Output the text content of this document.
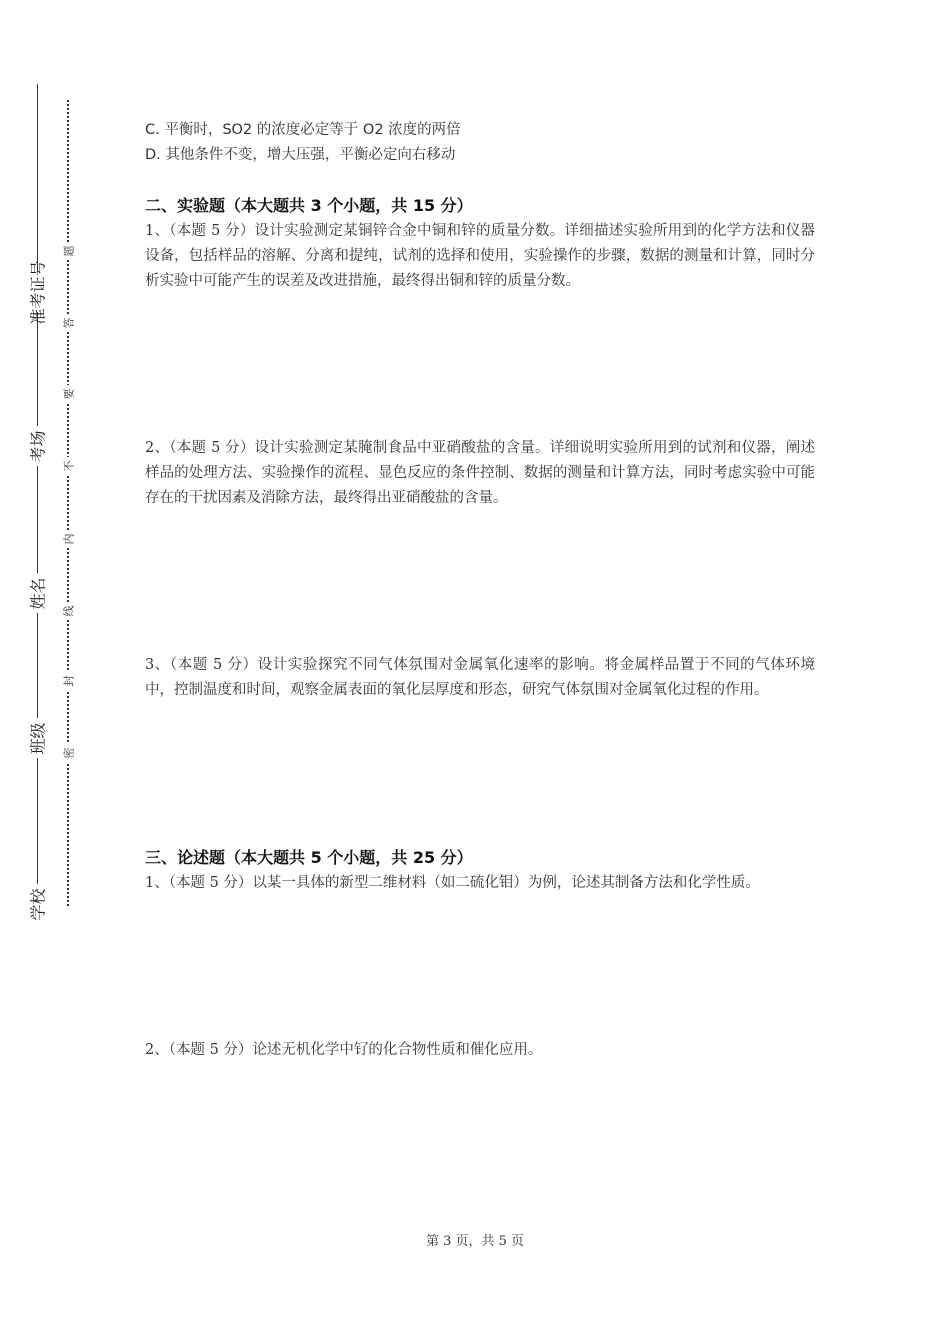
准考证号
考场
姓名
班级
学校
题
答
要
不
内
线
封
密

C. 平衡时，SO2 的浓度必定等于 O2 浓度的两倍

D. 其他条件不变，增大压强，平衡必定向右移动

二、实验题（本大题共 3 个小题，共 15 分）

1、（本题 5 分）设计实验测定某铜锌合金中铜和锌的质量分数。详细描述实验所用到的化学方法和仪器设备，包括样品的溶解、分离和提纯，试剂的选择和使用，实验操作的步骤，数据的测量和计算，同时分析实验中可能产生的误差及改进措施，最终得出铜和锌的质量分数。

2、（本题 5 分）设计实验测定某腌制食品中亚硝酸盐的含量。详细说明实验所用到的试剂和仪器，阐述样品的处理方法、实验操作的流程、显色反应的条件控制、数据的测量和计算方法，同时考虑实验中可能存在的干扰因素及消除方法，最终得出亚硝酸盐的含量。

3、（本题 5 分）设计实验探究不同气体氛围对金属氧化速率的影响。将金属样品置于不同的气体环境中，控制温度和时间，观察金属表面的氧化层厚度和形态，研究气体氛围对金属氧化过程的作用。

三、论述题（本大题共 5 个小题，共 25 分）

1、（本题 5 分）以某一具体的新型二维材料（如二硫化钼）为例，论述其制备方法和化学性质。

2、（本题 5 分）论述无机化学中钌的化合物性质和催化应用。

第 3 页，共 5 页
